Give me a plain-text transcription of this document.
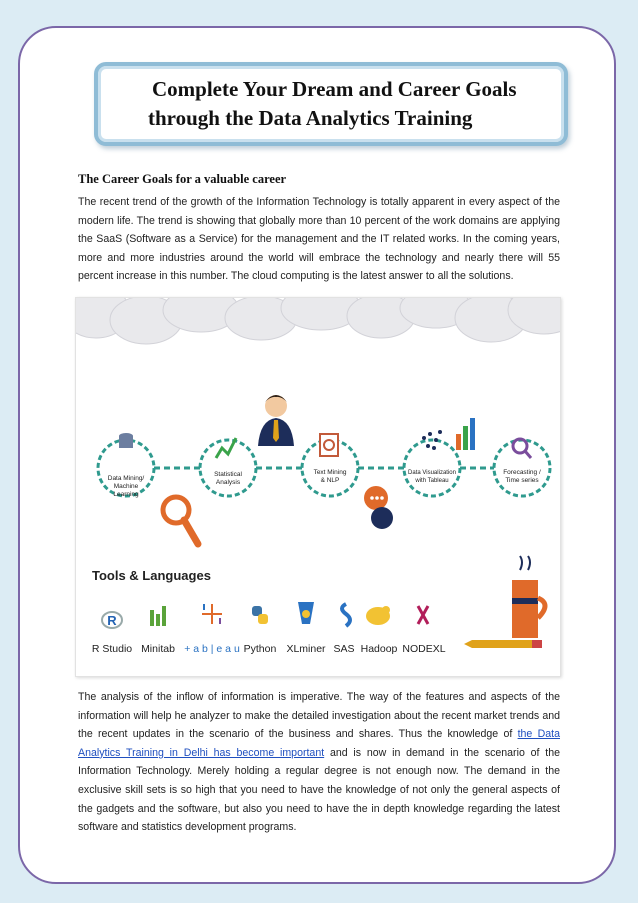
Complete Your Dream and Career Goals
through the Data Analytics Training
The Career Goals for a valuable career

The recent trend of the growth of the Information Technology is totally apparent in every aspect of the modern life. The trend is showing that globally more than 10 percent of the work domains are applying the SaaS (Software as a Service) for the management and the IT related works. In the coming years, more and more industries around the world will embrace the technology and nearly there will 55 percent increase in this number. The cloud computing is the latest answer to all the solutions.

Data Mining/
Machine
Learning
Statistical
Analysis
Text Mining
& NLP
Data Visualization
with Tableau
Forecasting /
Time series
Tools & Languages
R
R Studio Minitab + a b | e a u Python XLminer SAS Hadoop NODEXL

The analysis of the inflow of information is imperative. The way of the features and aspects of the information will help he analyzer to make the detailed investigation about the recent market trends and the recent updates in the scenario of the business and shares. Thus the knowledge of the Data Analytics Training in Delhi has become important and is now in demand in the scenario of the Information Technology. Merely holding a regular degree is not enough now. The demand in the exclusive skill sets is so high that you need to have the knowledge of not only the general aspects of the gadgets and the software, but also you need to have the in depth knowledge regarding the latest software and statistics development programs.
